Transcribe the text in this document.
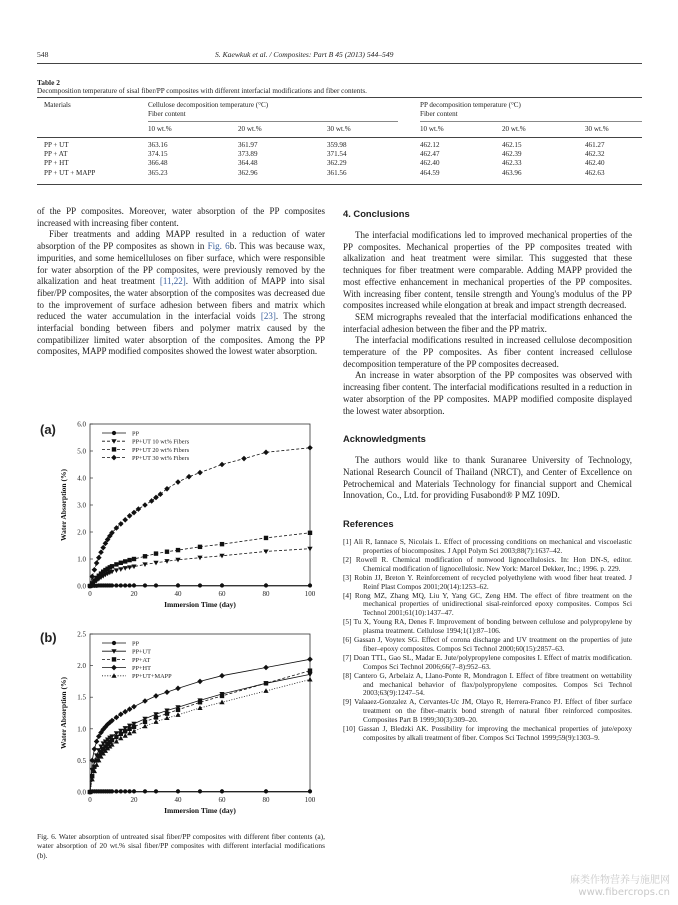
548	S. Kaewkuk et al. / Composites: Part B 45 (2013) 544–549
Table 2
Decomposition temperature of sisal fiber/PP composites with different interfacial modifications and fiber contents.
Materials	Cellulose decomposition temperature (°C)
Fiber content
PP decomposition temperature (°C)
Fiber content
10 wt.%	20 wt.%	30 wt.%	10 wt.%	20 wt.%	30 wt.%
PP + UT	363.16	361.97	359.98	462.12	462.15	461.27
PP + AT	374.15	373.89	371.54	462.47	462.39	462.32
PP + HT	366.48	364.48	362.29	462.40	462.33	462.40
PP + UT + MAPP	365.23	362.96	361.56	464.59	463.96	462.63

of the PP composites. Moreover, water absorption of the PP composites increased with increasing fiber content.

Fiber treatments and adding MAPP resulted in a reduction of water absorption of the PP composites as shown in Fig. 6b. This was because wax, impurities, and some hemicelluloses on fiber surface, which were responsible for water absorption of the PP composites, were previously removed by the alkalization and heat treatment [11,22]. With addition of MAPP into sisal fiber/PP composites, the water absorption of the composites was decreased due to the improvement of surface adhesion between fibers and matrix which reduced the water accumulation in the interfacial voids [23]. The strong interfacial bonding between fibers and polymer matrix caused by the compatibilizer limited water absorption of the composites. Among the PP composites, MAPP modified composites showed the lowest water absorption.

(a)
(b)
0.0
1.0
2.0
3.0
4.0
5.0
6.0
0	20	40	60	80	100
Immersion Time (day)
Water Absorption (%)
PP
PP+UT 10 wt% Fibers
PP+UT 20 wt% Fibers
PP+UT 30 wt% Fibers
0.0
0.5
1.0
1.5
2.0
2.5
0	20	40	60	80	100
Immersion Time (day)
Water Absorption (%)
PP
PP+UT
PP+AT
PP+HT
PP+UT+MAPP
Fig. 6. Water absorption of untreated sisal fiber/PP composites with different fiber contents (a), water absorption of 20 wt.% sisal fiber/PP composites with different interfacial modifications (b).
4. Conclusions

The interfacial modifications led to improved mechanical properties of the PP composites. Mechanical properties of the PP composites treated with alkalization and heat treatment were similar. This suggested that these techniques for fiber treatment were comparable. Adding MAPP provided the most effective enhancement in mechanical properties of the PP composites. With increasing fiber content, tensile strength and Young's modulus of the PP composites increased while elongation at break and impact strength decreased.

SEM micrographs revealed that the interfacial modifications enhanced the interfacial adhesion between the fiber and the PP matrix.

The interfacial modifications resulted in increased cellulose decomposition temperature of the PP composites. As fiber content increased cellulose decomposition temperature of the PP composites decreased.

An increase in water absorption of the PP composites was observed with increasing fiber content. The interfacial modifications resulted in a reduction in water absorption of the PP composites. MAPP modified composite displayed the lowest water absorption.

Acknowledgments

The authors would like to thank Suranaree University of Technology, National Research Council of Thailand (NRCT), and Center of Excellence on Petrochemical and Materials Technology for financial support and Chemical Innovation, Co., Ltd. for providing Fusabond® P MZ 109D.

References

[1] Ali R, Iannace S, Nicolais L. Effect of processing conditions on mechanical and viscoelastic properties of biocomposites. J Appl Polym Sci 2003;88(7):1637–42.

[2] Rowell R. Chemical modification of nonwood lignocellulosics. In: Hon DN-S, editor. Chemical modification of lignocellulosic. New York: Marcel Dekker, Inc.; 1996. p. 229.

[3] Robin JJ, Breton Y. Reinforcement of recycled polyethylene with wood fiber heat treated. J Reinf Plast Compos 2001;20(14):1253–62.

[4] Rong MZ, Zhang MQ, Liu Y, Yang GC, Zeng HM. The effect of fibre treatment on the mechanical properties of unidirectional sisal-reinforced epoxy composites. Compos Sci Technol 2001;61(10):1437–47.

[5] Tu X, Young RA, Denes F. Improvement of bonding between cellulose and polypropylene by plasma treatment. Cellulose 1994;1(1):87–106.

[6] Gassan J, Voytex SG. Effect of corona discharge and UV treatment on the properties of jute fiber–epoxy composites. Compos Sci Technol 2000;60(15):2857–63.

[7] Doan TTL, Gao SL, Madar E. Jute/polypropylene composites I. Effect of matrix modification. Compos Sci Technol 2006;66(7–8):952–63.

[8] Cantero G, Arbelaiz A, Llano-Ponte R, Mondragon I. Effect of fibre treatment on wettability and mechanical behavior of flax/polypropylene composites. Compos Sci Technol 2003;63(9):1247–54.

[9] Valaaez-Gonzalez A, Cervantes-Uc JM, Olayo R, Herrera-Franco PJ. Effect of fiber surface treatment on the fiber–matrix bond strength of natural fiber reinforced composites. Composites Part B 1999;30(3):309–20.

[10] Gassan J, Bledzki AK. Possibility for improving the mechanical properties of jute/epoxy composites by alkali treatment of fiber. Compos Sci Technol 1999;59(9):1303–9.

麻类作物营养与施肥网
www.fibercrops.cn
